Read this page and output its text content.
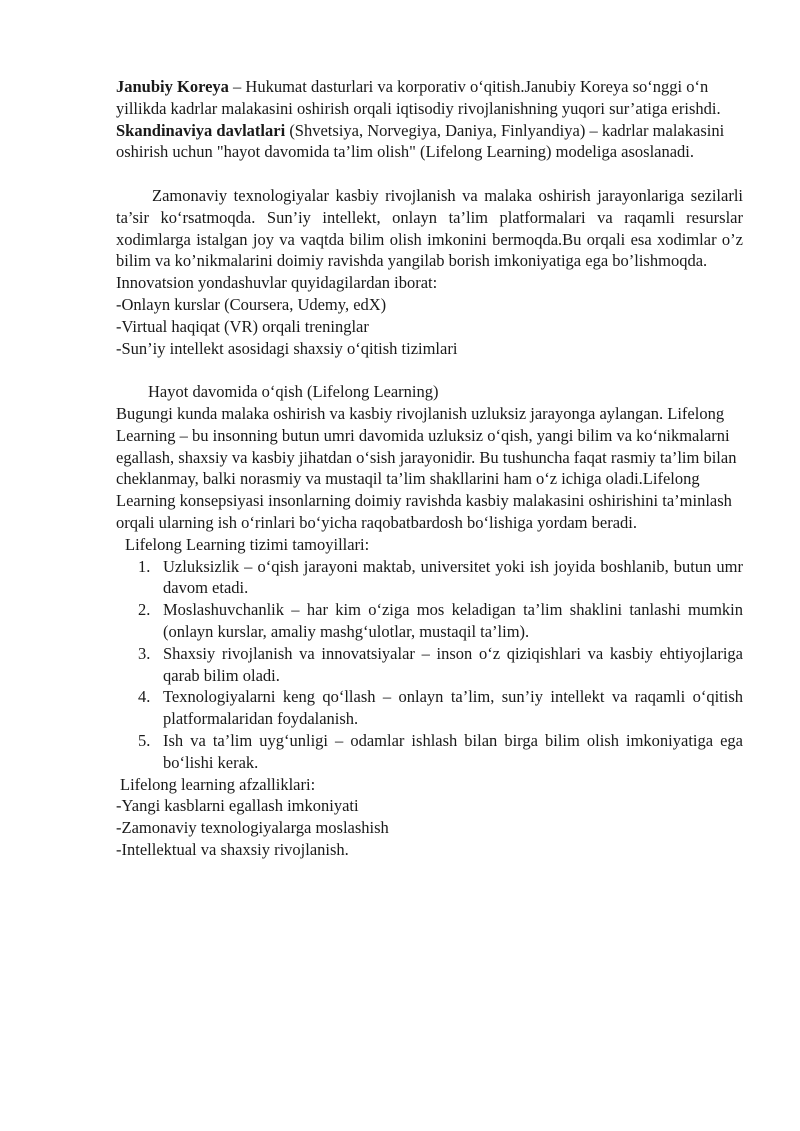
Janubiy Koreya – Hukumat dasturlari va korporativ oʻqitish.Janubiy Koreya soʻnggi oʻn yillikda kadrlar malakasini oshirish orqali iqtisodiy rivojlanishning yuqori sur’atiga erishdi.

Skandinaviya davlatlari (Shvetsiya, Norvegiya, Daniya, Finlyandiya) – kadrlar malakasini oshirish uchun "hayot davomida ta’lim olish" (Lifelong Learning) modeliga asoslanadi.

Zamonaviy texnologiyalar kasbiy rivojlanish va malaka oshirish jarayonlariga sezilarli ta’sir koʻrsatmoqda. Sun’iy intellekt, onlayn ta’lim platformalari va raqamli resurslar xodimlarga istalgan joy va vaqtda bilim olish imkonini bermoqda.Bu orqali esa xodimlar o’z bilim va ko’nikmalarini doimiy ravishda yangilab borish imkoniyatiga ega bo’lishmoqda.

Innovatsion yondashuvlar quyidagilardan iborat:

-Onlayn kurslar (Coursera, Udemy, edX)

-Virtual haqiqat (VR) orqali treninglar

-Sun’iy intellekt asosidagi shaxsiy oʻqitish tizimlari

Hayot davomida oʻqish (Lifelong Learning)

Bugungi kunda malaka oshirish va kasbiy rivojlanish uzluksiz jarayonga aylangan. Lifelong Learning – bu insonning butun umri davomida uzluksiz oʻqish, yangi bilim va koʻnikmalarni egallash, shaxsiy va kasbiy jihatdan oʻsish jarayonidir. Bu tushuncha faqat rasmiy ta’lim bilan cheklanmay, balki norasmiy va mustaqil ta’lim shakllarini ham oʻz ichiga oladi.Lifelong Learning konsepsiyasi insonlarning doimiy ravishda kasbiy malakasini oshirishini ta’minlash orqali ularning ish oʻrinlari boʻyicha raqobatbardosh boʻlishiga yordam beradi.

Lifelong Learning tizimi tamoyillari:

1. Uzluksizlik – oʻqish jarayoni maktab, universitet yoki ish joyida boshlanib, butun umr davom etadi.
2. Moslashuvchanlik – har kim oʻziga mos keladigan ta’lim shaklini tanlashi mumkin (onlayn kurslar, amaliy mashgʻulotlar, mustaqil ta’lim).
3. Shaxsiy rivojlanish va innovatsiyalar – inson oʻz qiziqishlari va kasbiy ehtiyojlariga qarab bilim oladi.
4. Texnologiyalarni keng qoʻllash – onlayn ta’lim, sun’iy intellekt va raqamli oʻqitish platformalaridan foydalanish.
5. Ish va ta’lim uygʻunligi – odamlar ishlash bilan birga bilim olish imkoniyatiga ega boʻlishi kerak.

Lifelong learning afzalliklari:

-Yangi kasblarni egallash imkoniyati

-Zamonaviy texnologiyalarga moslashish

-Intellektual va shaxsiy rivojlanish.
